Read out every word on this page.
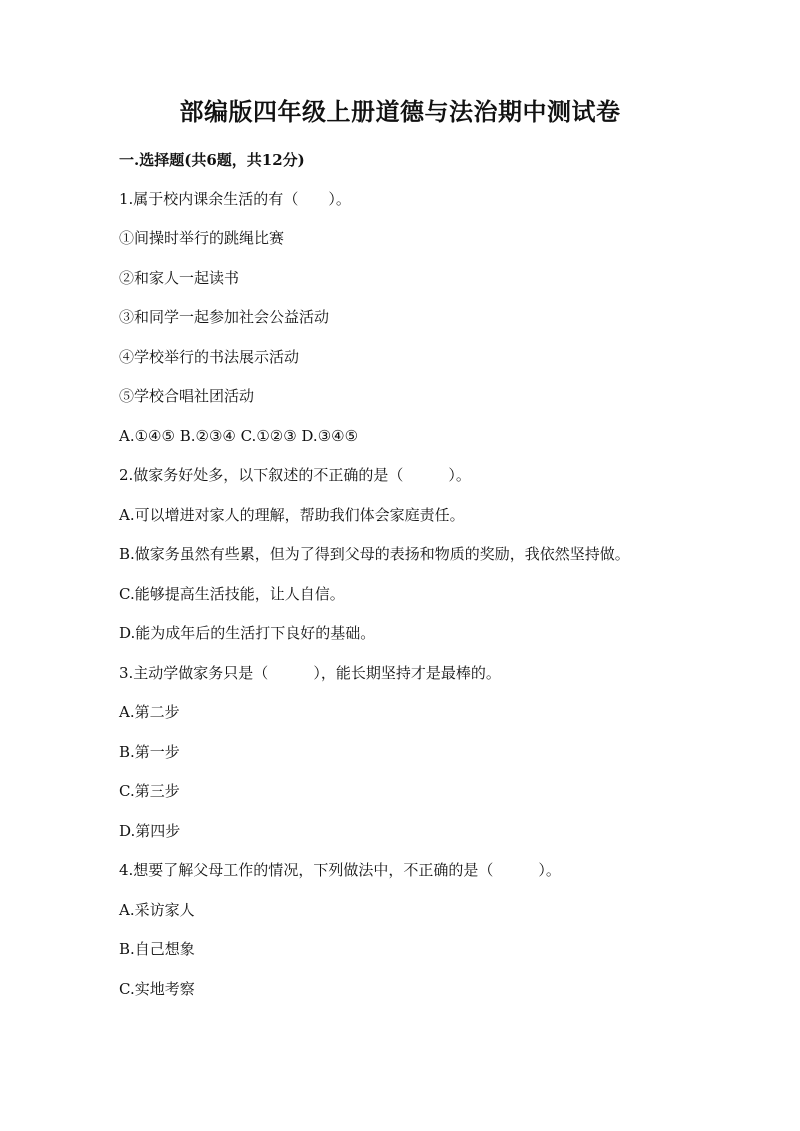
部编版四年级上册道德与法治期中测试卷
一.选择题(共6题，共12分)
1.属于校内课余生活的有（　　）。
①间操时举行的跳绳比赛
②和家人一起读书
③和同学一起参加社会公益活动
④学校举行的书法展示活动
⑤学校合唱社团活动
A.①④⑤ B.②③④ C.①②③ D.③④⑤
2.做家务好处多，以下叙述的不正确的是（　　　）。
A.可以增进对家人的理解，帮助我们体会家庭责任。
B.做家务虽然有些累，但为了得到父母的表扬和物质的奖励，我依然坚持做。
C.能够提高生活技能，让人自信。
D.能为成年后的生活打下良好的基础。
3.主动学做家务只是（　　　），能长期坚持才是最棒的。
A.第二步
B.第一步
C.第三步
D.第四步
4.想要了解父母工作的情况，下列做法中，不正确的是（　　　）。
A.采访家人
B.自己想象
C.实地考察
